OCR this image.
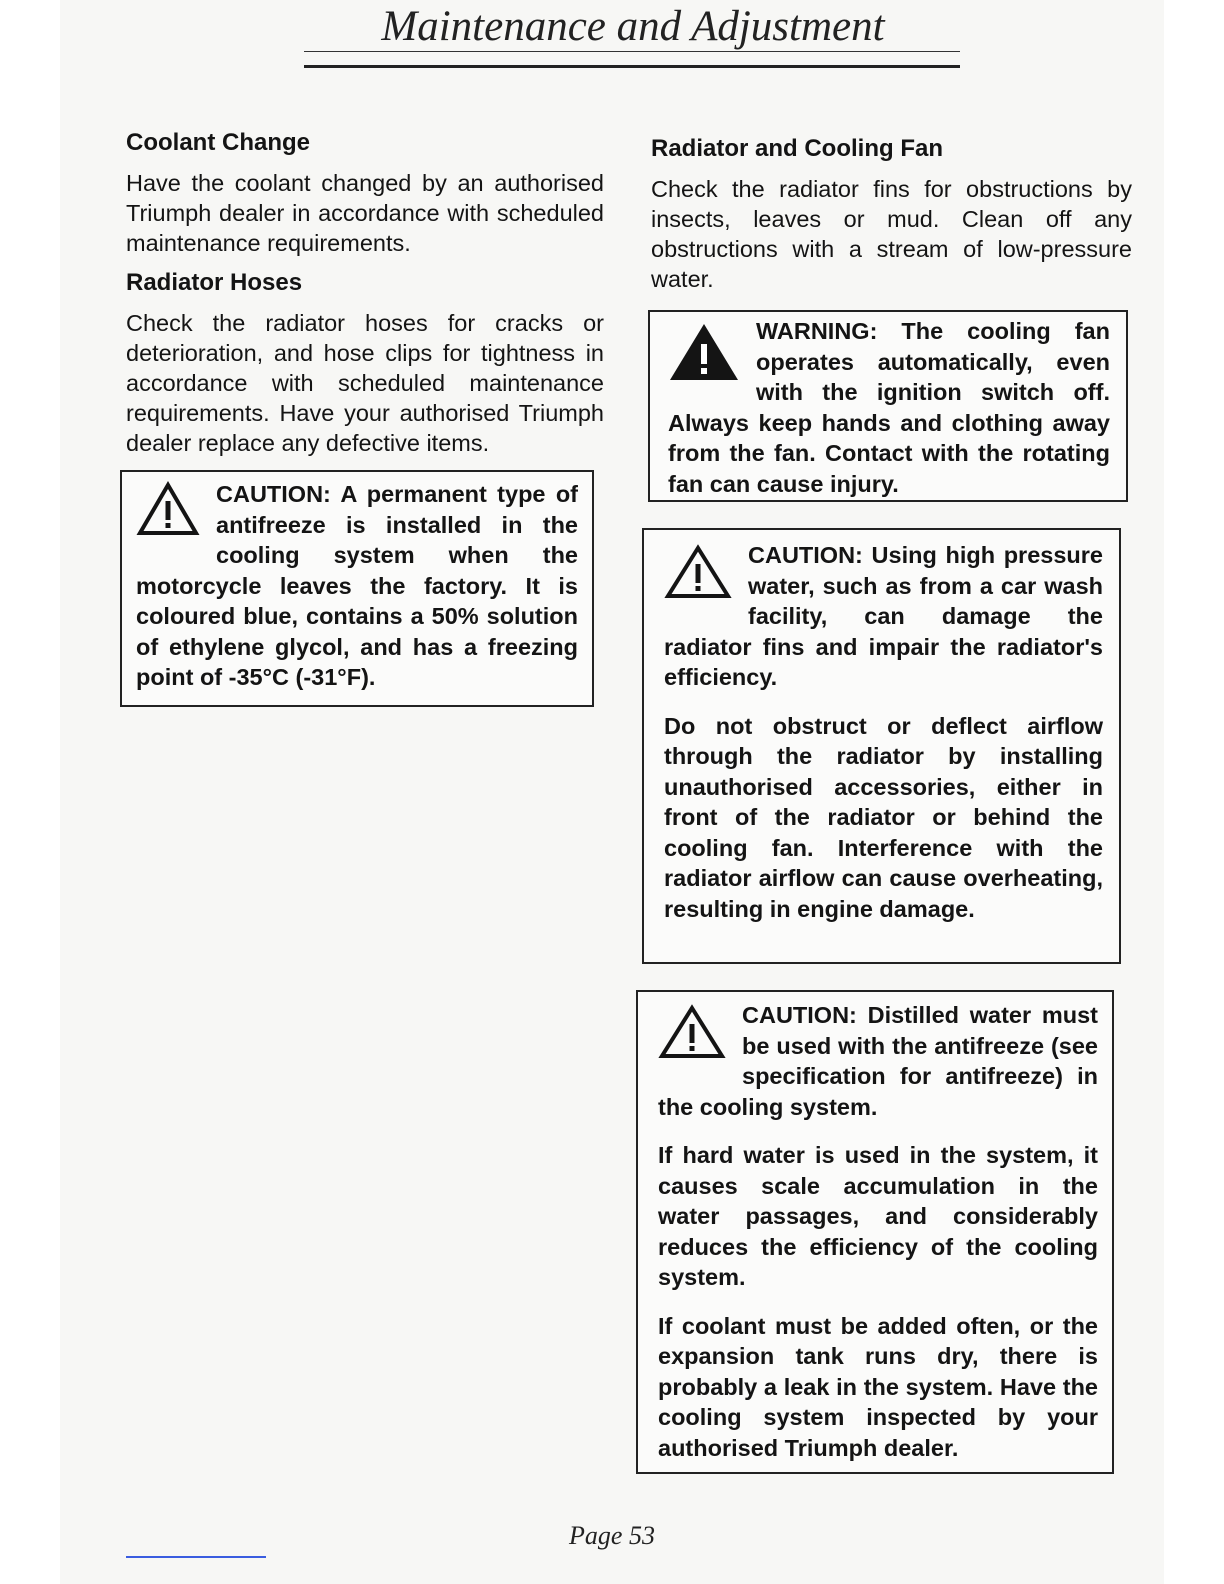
Maintenance and Adjustment
Coolant Change

Have the coolant changed by an authorised Triumph dealer in accordance with scheduled maintenance requirements.

Radiator Hoses

Check the radiator hoses for cracks or deterioration, and hose clips for tightness in accordance with scheduled maintenance requirements. Have your authorised Triumph dealer replace any defective items.

CAUTION: A permanent type of antifreeze is installed in the cooling system when the motorcycle leaves the factory. It is coloured blue, contains a 50% solution of ethylene glycol, and has a freezing point of -35°C (-31°F).

Radiator and Cooling Fan

Check the radiator fins for obstructions by insects, leaves or mud. Clean off any obstructions with a stream of low-pressure water.

WARNING: The cooling fan operates automatically, even with the ignition switch off. Always keep hands and clothing away from the fan. Contact with the rotating fan can cause injury.

CAUTION: Using high pressure water, such as from a car wash facility, can damage the radiator fins and impair the radiator's efficiency.

Do not obstruct or deflect airflow through the radiator by installing unauthorised accessories, either in front of the radiator or behind the cooling fan. Interference with the radiator airflow can cause overheating, resulting in engine damage.

CAUTION: Distilled water must be used with the antifreeze (see specification for antifreeze) in the cooling system.

If hard water is used in the system, it causes scale accumulation in the water passages, and considerably reduces the efficiency of the cooling system.

If coolant must be added often, or the expansion tank runs dry, there is probably a leak in the system. Have the cooling system inspected by your authorised Triumph dealer.

Page 53
